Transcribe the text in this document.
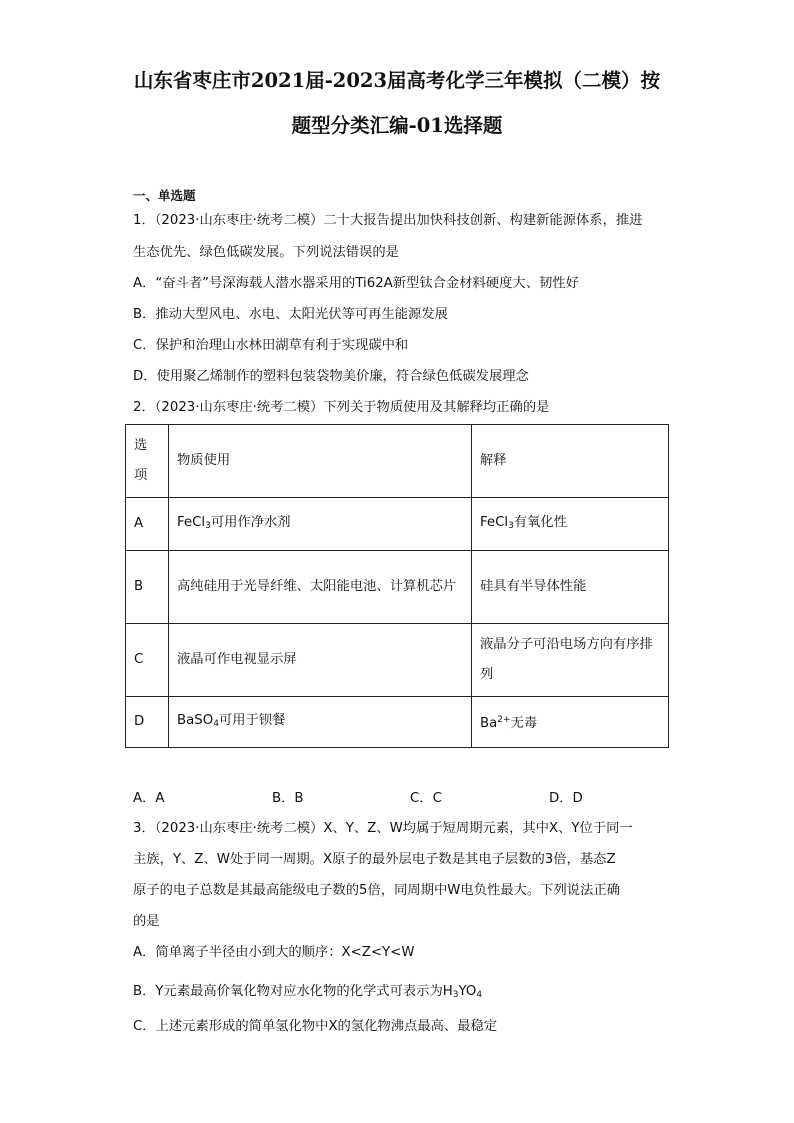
山东省枣庄市2021届-2023届高考化学三年模拟（二模）按
题型分类汇编-01选择题
一、单选题
1．（2023·山东枣庄·统考二模）二十大报告提出加快科技创新、构建新能源体系，推进
生态优先、绿色低碳发展。下列说法错误的是
A．“奋斗者”号深海载人潜水器采用的Ti62A新型钛合金材料硬度大、韧性好
B．推动大型风电、水电、太阳光伏等可再生能源发展
C．保护和治理山水林田湖草有利于实现碳中和
D．使用聚乙烯制作的塑料包装袋物美价廉，符合绿色低碳发展理念
2．（2023·山东枣庄·统考二模）下列关于物质使用及其解释均正确的是
选项	物质使用	解释
A	FeCl$_3$可用作净水剂	FeCl$_3$有氧化性
B	高纯硅用于光导纤维、太阳能电池、计算机芯片	硅具有半导体性能
C	液晶可作电视显示屏	液晶分子可沿电场方向有序排列
D	BaSO$_4$可用于钡餐	$Ba^{2+}$无毒
A．A	B．B	C．C	D．D
3．（2023·山东枣庄·统考二模）X、Y、Z、W均属于短周期元素，其中X、Y位于同一
主族，Y、Z、W处于同一周期。X原子的最外层电子数是其电子层数的3倍，基态Z
原子的电子总数是其最高能级电子数的5倍，同周期中W电负性最大。下列说法正确
的是
A．简单离子半径由小到大的顺序：X<Z<Y<W
B．Y元素最高价氧化物对应水化物的化学式可表示为$H_3YO_4$
C．上述元素形成的简单氢化物中X的氢化物沸点最高、最稳定
